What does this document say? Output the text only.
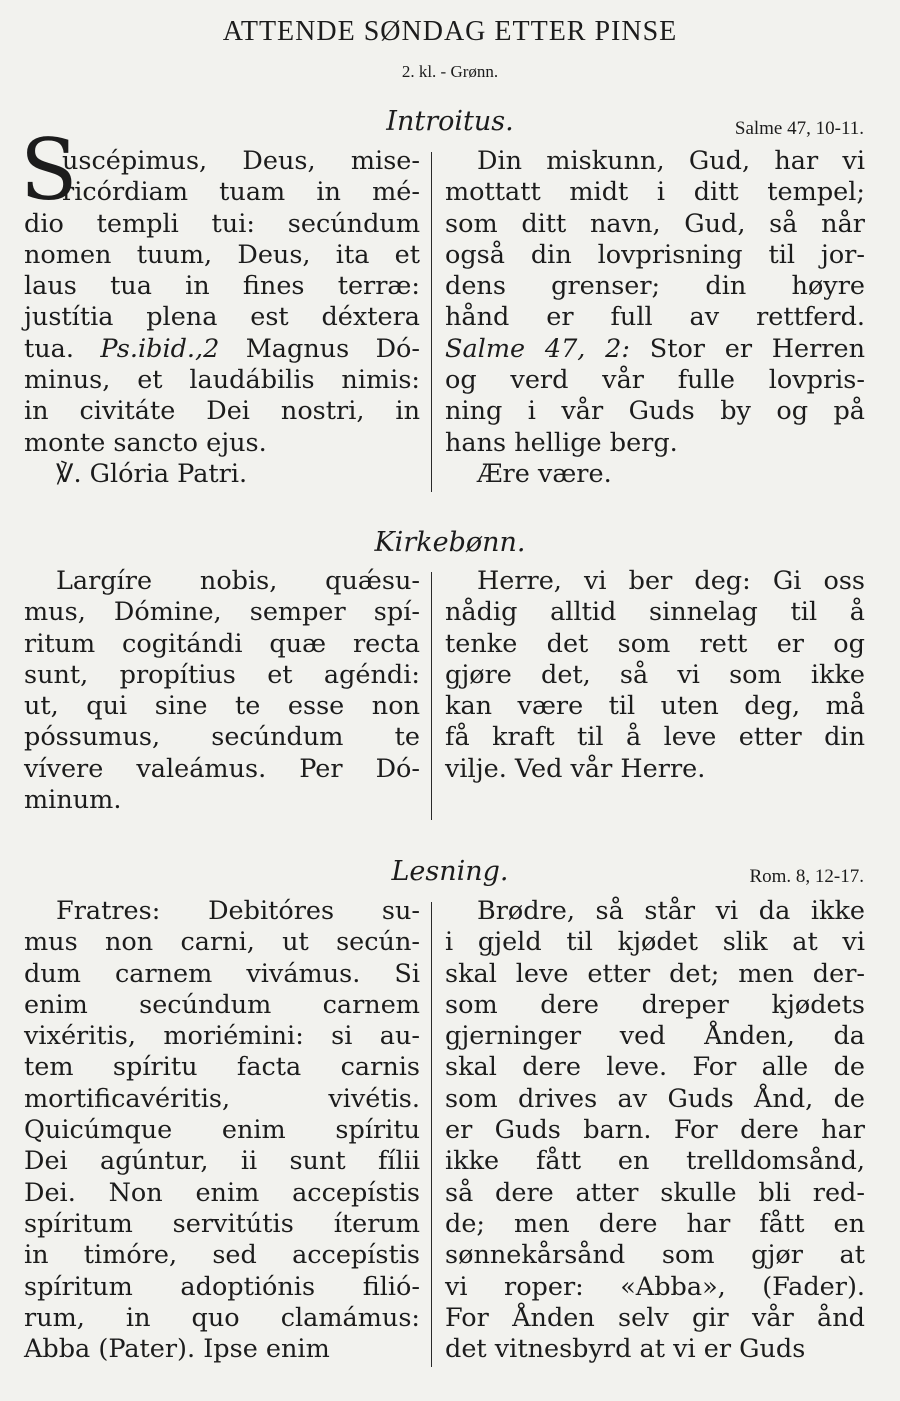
ATTENDE SØNDAG ETTER PINSE
2. kl. - Grønn.
Introitus.	Salme 47, 10-11.
S
uscépimus, Deus, mise-
ricórdiam tuam in mé-
dio templi tui: secúndum
nomen tuum, Deus, ita et
laus tua in fines terræ:
justítia plena est déxtera
tua. Ps.ibid.,2 Magnus Dó-
minus, et laudábilis nimis:
in civitáte Dei nostri, in
monte sancto ejus.
℣. Glória Patri.
Din miskunn, Gud, har vi
mottatt midt i ditt tempel;
som ditt navn, Gud, så når
også din lovprisning til jor-
dens grenser; din høyre
hånd er full av rettferd.
Salme 47, 2: Stor er Herren
og verd vår fulle lovpris-
ning i vår Guds by og på
hans hellige berg.
Ære være.
Kirkebønn.
Largíre nobis, quǽsu-
mus, Dómine, semper spí-
ritum cogitándi quæ recta
sunt, propítius et agéndi:
ut, qui sine te esse non
póssumus, secúndum te
vívere valeámus. Per Dó-
minum.
Herre, vi ber deg: Gi oss
nådig alltid sinnelag til å
tenke det som rett er og
gjøre det, så vi som ikke
kan være til uten deg, må
få kraft til å leve etter din
vilje. Ved vår Herre.
Lesning.	Rom. 8, 12-17.
Fratres: Debitóres su-
mus non carni, ut secún-
dum carnem vivámus. Si
enim secúndum carnem
vixéritis, moriémini: si au-
tem spíritu facta carnis
mortificavéritis, vivétis.
Quicúmque enim spíritu
Dei agúntur, ii sunt fílii
Dei. Non enim accepístis
spíritum servitútis íterum
in timóre, sed accepístis
spíritum adoptiónis filió-
rum, in quo clamámus:
Abba (Pater). Ipse enim
Brødre, så står vi da ikke
i gjeld til kjødet slik at vi
skal leve etter det; men der-
som dere dreper kjødets
gjerninger ved Ånden, da
skal dere leve. For alle de
som drives av Guds Ånd, de
er Guds barn. For dere har
ikke fått en trelldomsånd,
så dere atter skulle bli red-
de; men dere har fått en
sønnekårsånd som gjør at
vi roper: «Abba», (Fader).
For Ånden selv gir vår ånd
det vitnesbyrd at vi er Guds
